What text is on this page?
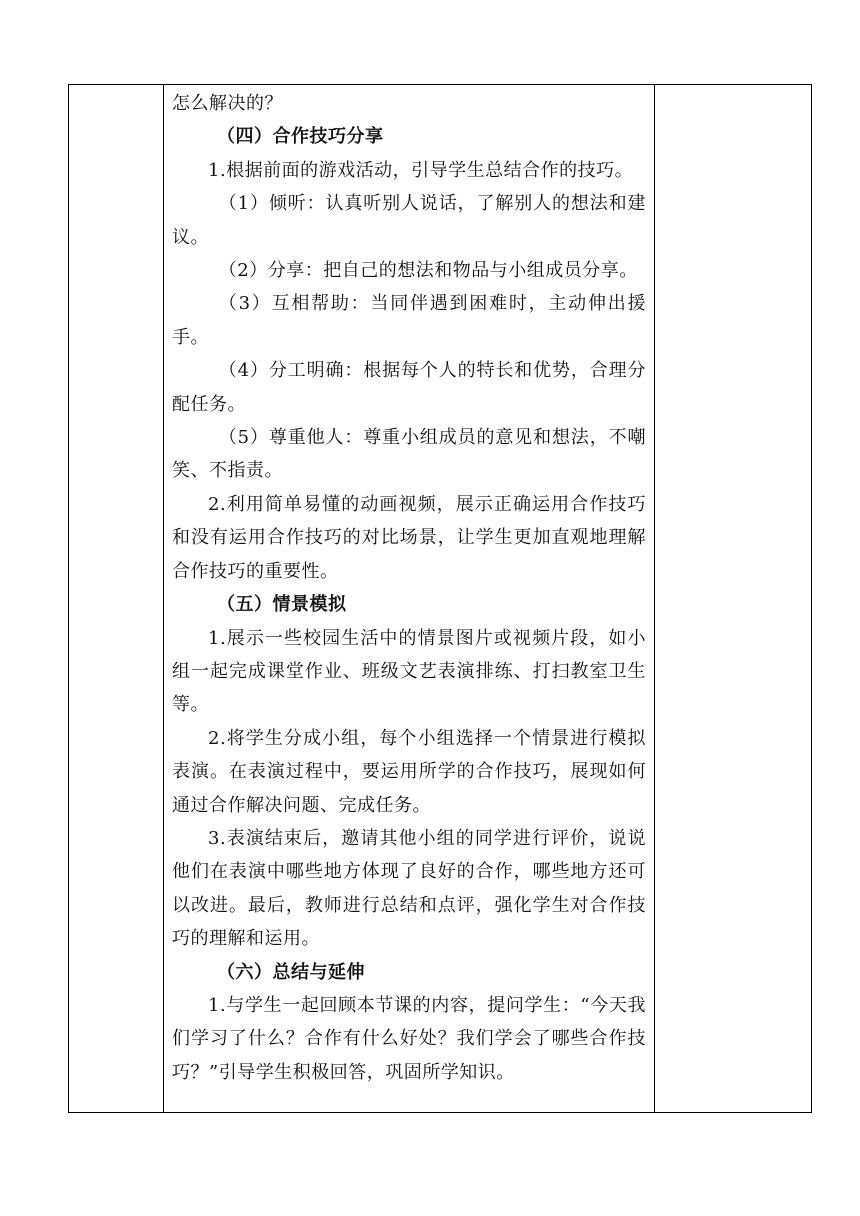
怎么解决的？

（四）合作技巧分享

1.根据前面的游戏活动，引导学生总结合作的技巧。

（1）倾听：认真听别人说话，了解别人的想法和建议。

（2）分享：把自己的想法和物品与小组成员分享。

（3）互相帮助：当同伴遇到困难时，主动伸出援手。

（4）分工明确：根据每个人的特长和优势，合理分配任务。

（5）尊重他人：尊重小组成员的意见和想法，不嘲笑、不指责。

2.利用简单易懂的动画视频，展示正确运用合作技巧和没有运用合作技巧的对比场景，让学生更加直观地理解合作技巧的重要性。

（五）情景模拟

1.展示一些校园生活中的情景图片或视频片段，如小组一起完成课堂作业、班级文艺表演排练、打扫教室卫生等。

2.将学生分成小组，每个小组选择一个情景进行模拟表演。在表演过程中，要运用所学的合作技巧，展现如何通过合作解决问题、完成任务。

3.表演结束后，邀请其他小组的同学进行评价，说说他们在表演中哪些地方体现了良好的合作，哪些地方还可以改进。最后，教师进行总结和点评，强化学生对合作技巧的理解和运用。

（六）总结与延伸

1.与学生一起回顾本节课的内容，提问学生：“今天我们学习了什么？合作有什么好处？我们学会了哪些合作技巧？”引导学生积极回答，巩固所学知识。
